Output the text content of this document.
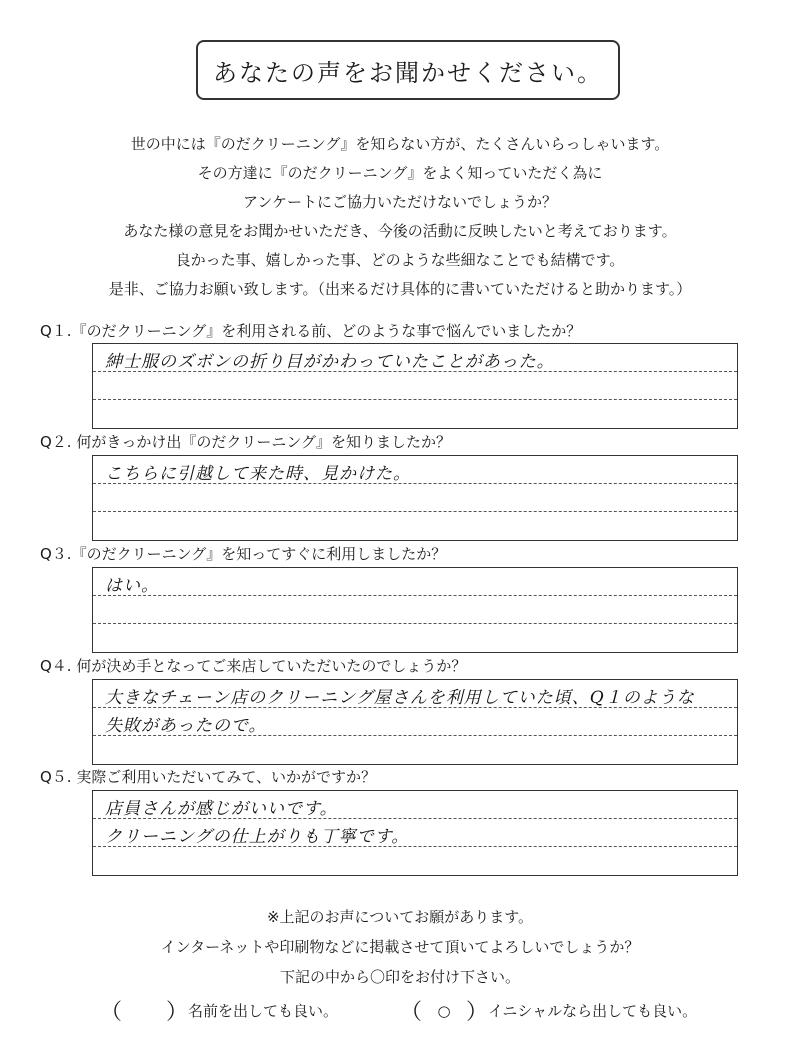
あなたの声をお聞かせください。
世の中には『のだクリーニング』を知らない方が、たくさんいらっしゃいます。
その方達に『のだクリーニング』をよく知っていただく為に
アンケートにご協力いただけないでしょうか？
あなた様の意見をお聞かせいただき、今後の活動に反映したいと考えております。
良かった事、嬉しかった事、どのような些細なことでも結構です。
是非、ご協力お願い致します。（出来るだけ具体的に書いていただけると助かります。）
Q１.『のだクリーニング』を利用される前、どのような事で悩んでいましたか？
紳士服のズボンの折り目がかわっていたことがあった。
Q２. 何がきっかけ出『のだクリーニング』を知りましたか？
こちらに引越して来た時、見かけた。
Q３.『のだクリーニング』を知ってすぐに利用しましたか？
はい。
Q４. 何が決め手となってご来店していただいたのでしょうか？
大きなチェーン店のクリーニング屋さんを利用していた頃、Q１のような
失敗があったので。
Q５. 実際ご利用いただいてみて、いかがですか？
店員さんが感じがいいです。
クリーニングの仕上がりも丁寧です。
※上記のお声についてお願があります。
インターネットや印刷物などに掲載させて頂いてよろしいでしょうか？
下記の中から〇印をお付け下さい。
（ ） 名前を出しても良い。	（	○ ） イニシャルなら出しても良い。
